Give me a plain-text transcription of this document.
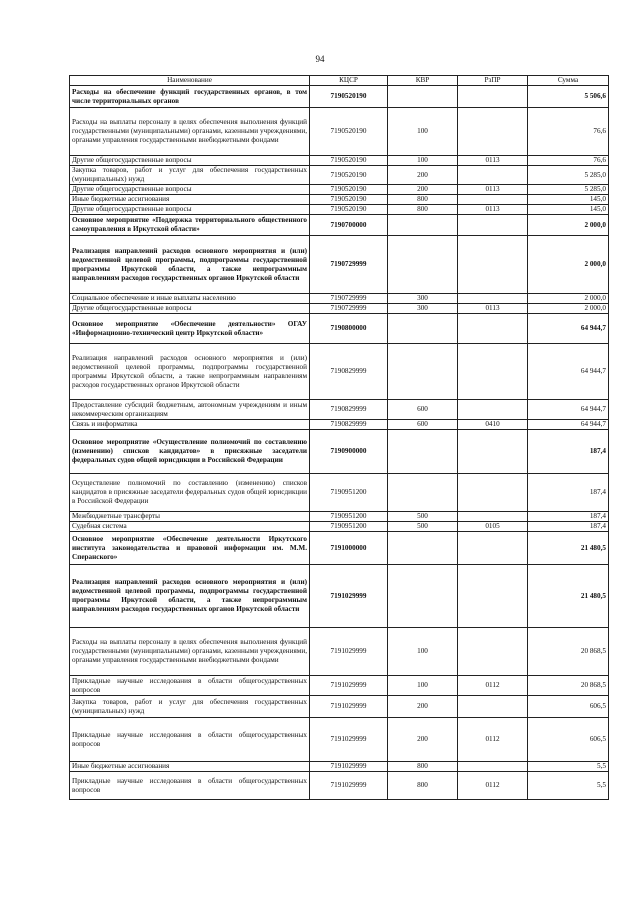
94
Наименование	КЦСР	КВР	РзПР	Сумма
Расходы на обеспечение функций государственных органов, в том числе территориальных органов	7190520190			5 506,6
Расходы на выплаты персоналу в целях обеспечения выполнения функций государственными (муниципальными) органами, казенными учреждениями, органами управления государственными внебюджетными фондами	7190520190	100		76,6
Другие общегосударственные вопросы	7190520190	100	0113	76,6
Закупка товаров, работ и услуг для обеспечения государственных (муниципальных) нужд	7190520190	200		5 285,0
Другие общегосударственные вопросы	7190520190	200	0113	5 285,0
Иные бюджетные ассигнования	7190520190	800		145,0
Другие общегосударственные вопросы	7190520190	800	0113	145,0
Основное мероприятие «Поддержка территориального общественного самоуправления в Иркутской области»	7190700000			2 000,0
Реализация направлений расходов основного мероприятия и (или) ведомственной целевой программы, подпрограммы государственной программы Иркутской области, а также непрограммным направлениям расходов государственных органов Иркутской области	7190729999			2 000,0
Социальное обеспечение и иные выплаты населению	7190729999	300		2 000,0
Другие общегосударственные вопросы	7190729999	300	0113	2 000,0
Основное мероприятие «Обеспечение деятельности» ОГАУ «Информационно-технический центр Иркутской области»	7190800000			64 944,7
Реализация направлений расходов основного мероприятия и (или) ведомственной целевой программы, подпрограммы государственной программы Иркутской области, а также непрограммным направлениям расходов государственных органов Иркутской области	7190829999			64 944,7
Предоставление субсидий бюджетным, автономным учреждениям и иным некоммерческим организациям	7190829999	600		64 944,7
Связь и информатика	7190829999	600	0410	64 944,7
Основное мероприятие «Осуществление полномочий по составлению (изменению) списков кандидатов» в присяжные заседатели федеральных судов общей юрисдикции в Российской Федерации	7190900000			187,4
Осуществление полномочий по составлению (изменению) списков кандидатов в присяжные заседатели федеральных судов общей юрисдикции в Российской Федерации	7190951200			187,4
Межбюджетные трансферты	7190951200	500		187,4
Судебная система	7190951200	500	0105	187,4
Основное мероприятие «Обеспечение деятельности Иркутского института законодательства и правовой информации им. М.М. Сперанского»	7191000000			21 480,5
Реализация направлений расходов основного мероприятия и (или) ведомственной целевой программы, подпрограммы государственной программы Иркутской области, а также непрограммным направлениям расходов государственных органов Иркутской области	7191029999			21 480,5
Расходы на выплаты персоналу в целях обеспечения выполнения функций государственными (муниципальными) органами, казенными учреждениями, органами управления государственными внебюджетными фондами	7191029999	100		20 868,5
Прикладные научные исследования в области общегосударственных вопросов	7191029999	100	0112	20 868,5
Закупка товаров, работ и услуг для обеспечения государственных (муниципальных) нужд	7191029999	200		606,5
Прикладные научные исследования в области общегосударственных вопросов	7191029999	200	0112	606,5
Иные бюджетные ассигнования	7191029999	800		5,5
Прикладные научные исследования в области общегосударственных вопросов	7191029999	800	0112	5,5
